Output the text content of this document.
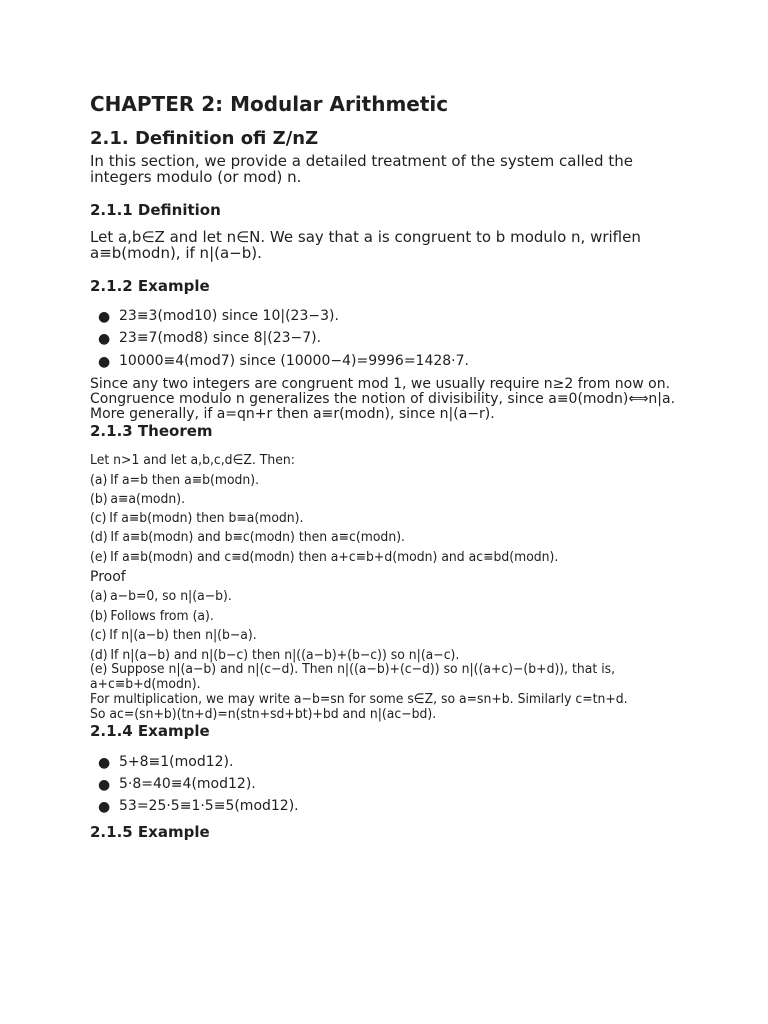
CHAPTER 2: Modular Arithmetic
2.1. Definition ofi Z/nZ
In this section, we provide a detailed treatment of the system called the integers modulo (or mod) n.
2.1.1 Definition
Let a,b∈Z and let n∈N. We say that a is congruent to b modulo n, wriflen a≡b(modn), if n|(a−b).
2.1.2 Example
● 23≡3(mod10) since 10|(23−3).
● 23≡7(mod8) since 8|(23−7).
● 10000≡4(mod7) since (10000−4)=9996=1428·7.
Since any two integers are congruent mod 1, we usually require n≥2 from now on. Congruence modulo n generalizes the notion of divisibility, since a≡0(modn)⟺n|a. More generally, if a=qn+r then a≡r(modn), since n|(a−r).
2.1.3 Theorem
Let n>1 and let a,b,c,d∈Z. Then:
(a) If a=b then a≡b(modn).
(b) a≡a(modn).
(c) If a≡b(modn) then b≡a(modn).
(d) If a≡b(modn) and b≡c(modn) then a≡c(modn).
(e) If a≡b(modn) and c≡d(modn) then a+c≡b+d(modn) and ac≡bd(modn).
Proof
(a) a−b=0, so n|(a−b).
(b) Follows from (a).
(c) If n|(a−b) then n|(b−a).
(d) If n|(a−b) and n|(b−c) then n|((a−b)+(b−c)) so n|(a−c).
(e) Suppose n|(a−b) and n|(c−d). Then n|((a−b)+(c−d)) so n|((a+c)−(b+d)), that is, a+c≡b+d(modn).
For multiplication, we may write a−b=sn for some s∈Z, so a=sn+b. Similarly c=tn+d. So ac=(sn+b)(tn+d)=n(stn+sd+bt)+bd and n|(ac−bd).
2.1.4 Example
● 5+8≡1(mod12).
● 5·8=40≡4(mod12).
● 53=25·5≡1·5≡5(mod12).
2.1.5 Example
